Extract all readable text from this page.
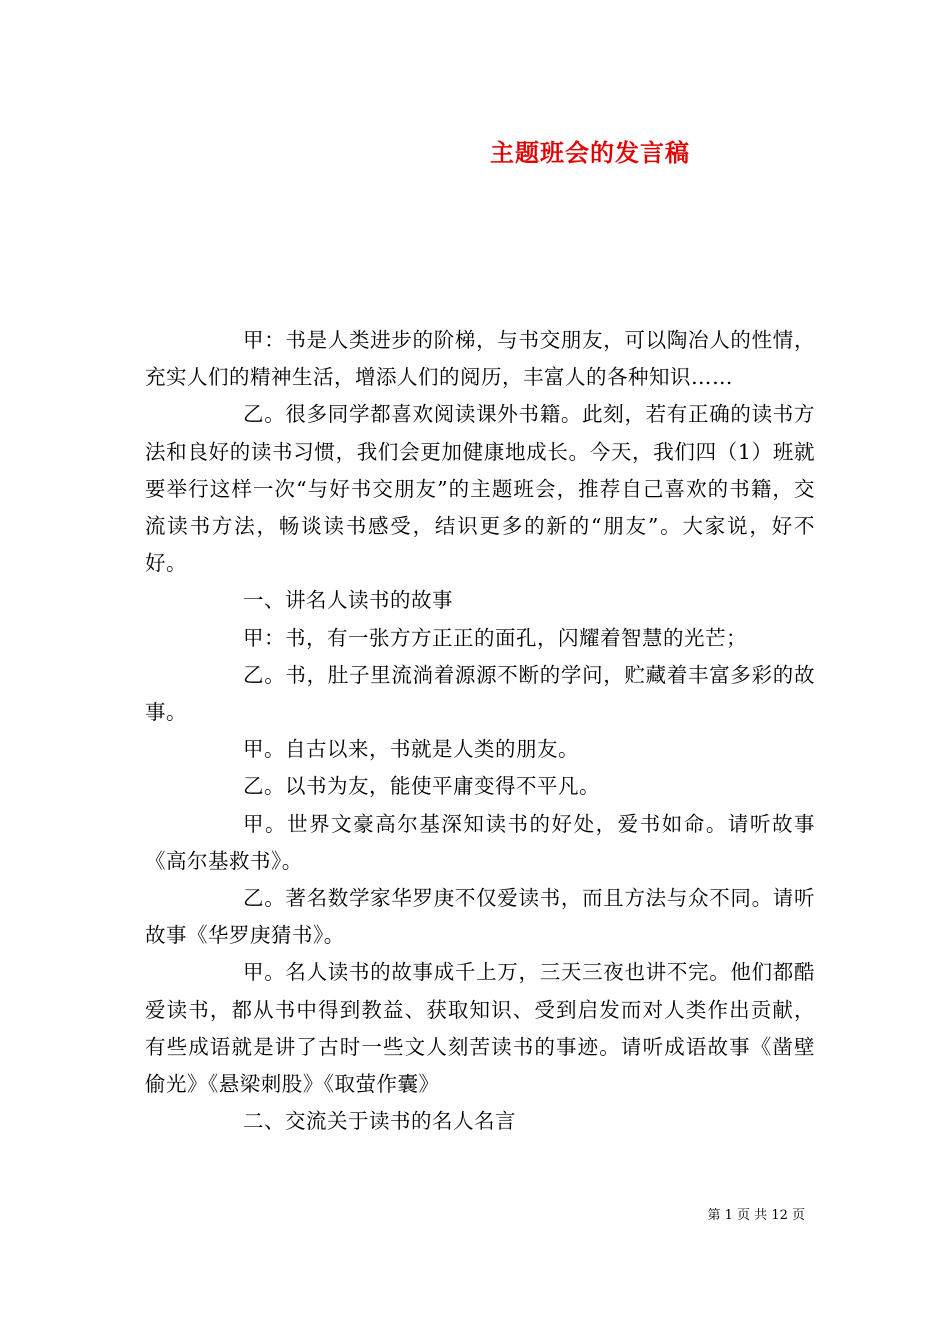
主题班会的发言稿

甲：书是人类进步的阶梯，与书交朋友，可以陶冶人的性情，充实人们的精神生活，增添人们的阅历，丰富人的各种知识……

乙。很多同学都喜欢阅读课外书籍。此刻，若有正确的读书方法和良好的读书习惯，我们会更加健康地成长。今天，我们四（1）班就要举行这样一次“与好书交朋友”的主题班会，推荐自己喜欢的书籍，交流读书方法，畅谈读书感受，结识更多的新的“朋友”。大家说，好不好。

一、讲名人读书的故事

甲：书，有一张方方正正的面孔，闪耀着智慧的光芒；

乙。书，肚子里流淌着源源不断的学问，贮藏着丰富多彩的故事。

甲。自古以来，书就是人类的朋友。

乙。以书为友，能使平庸变得不平凡。

甲。世界文豪高尔基深知读书的好处，爱书如命。请听故事《高尔基救书》。

乙。著名数学家华罗庚不仅爱读书，而且方法与众不同。请听故事《华罗庚猜书》。

甲。名人读书的故事成千上万，三天三夜也讲不完。他们都酷爱读书，都从书中得到教益、获取知识、受到启发而对人类作出贡献，有些成语就是讲了古时一些文人刻苦读书的事迹。请听成语故事《凿壁偷光》《悬梁刺股》《取萤作囊》

二、交流关于读书的名人名言

第 1 页 共 12 页
